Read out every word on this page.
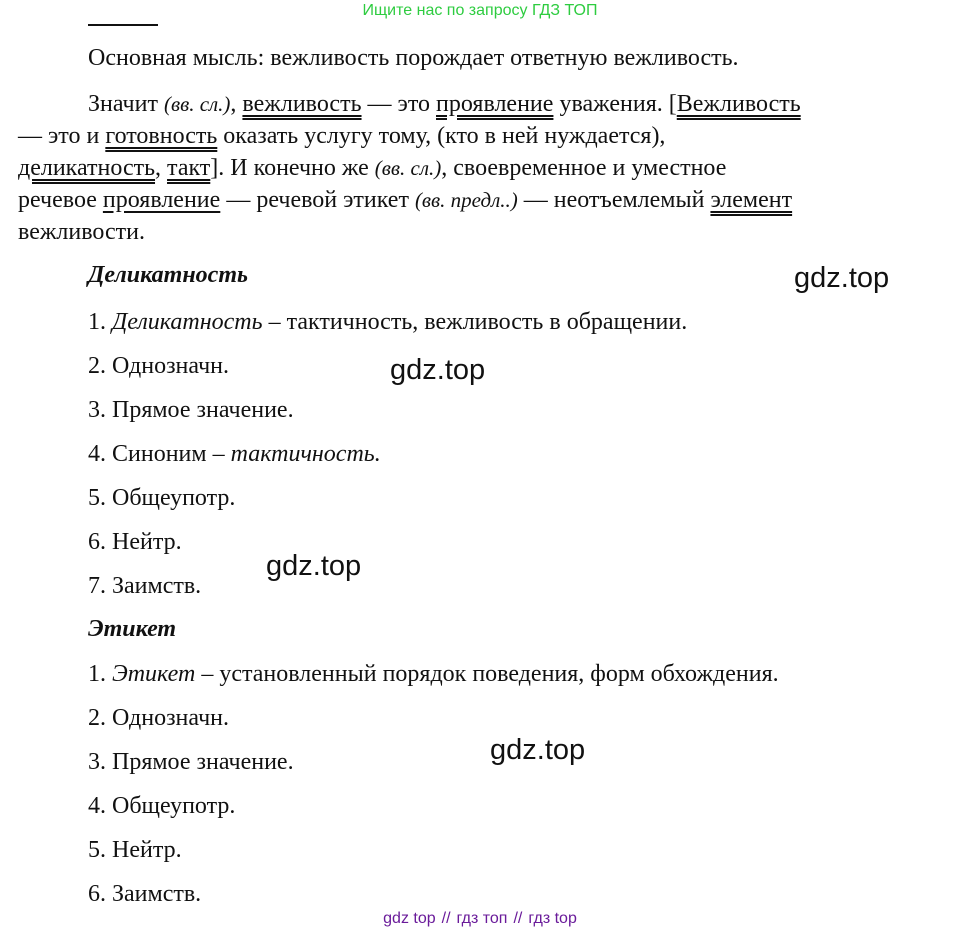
Ищите нас по запросу ГДЗ ТОП
Основная мысль: вежливость порождает ответную вежливость.
Значит (вв. сл.), вежливость — это проявление уважения. [Вежливость
— это и готовность оказать услугу тому, (кто в ней нуждается),
деликатность, такт]. И конечно же (вв. сл.), своевременное и уместное
речевое проявление — речевой этикет (вв. предл..) — неотъемлемый элемент
вежливости.
Деликатность
1. Деликатность – тактичность, вежливость в обращении.
2. Однозначн.
3. Прямое значение.
4. Синоним – тактичность.
5. Общеупотр.
6. Нейтр.
7. Заимств.
Этикет
1. Этикет – установленный порядок поведения, форм обхождения.
2. Однозначн.
3. Прямое значение.
4. Общеупотр.
5. Нейтр.
6. Заимств.
gdz.top
gdz.top
gdz.top
gdz.top
gdz top // гдз топ // гдз top
